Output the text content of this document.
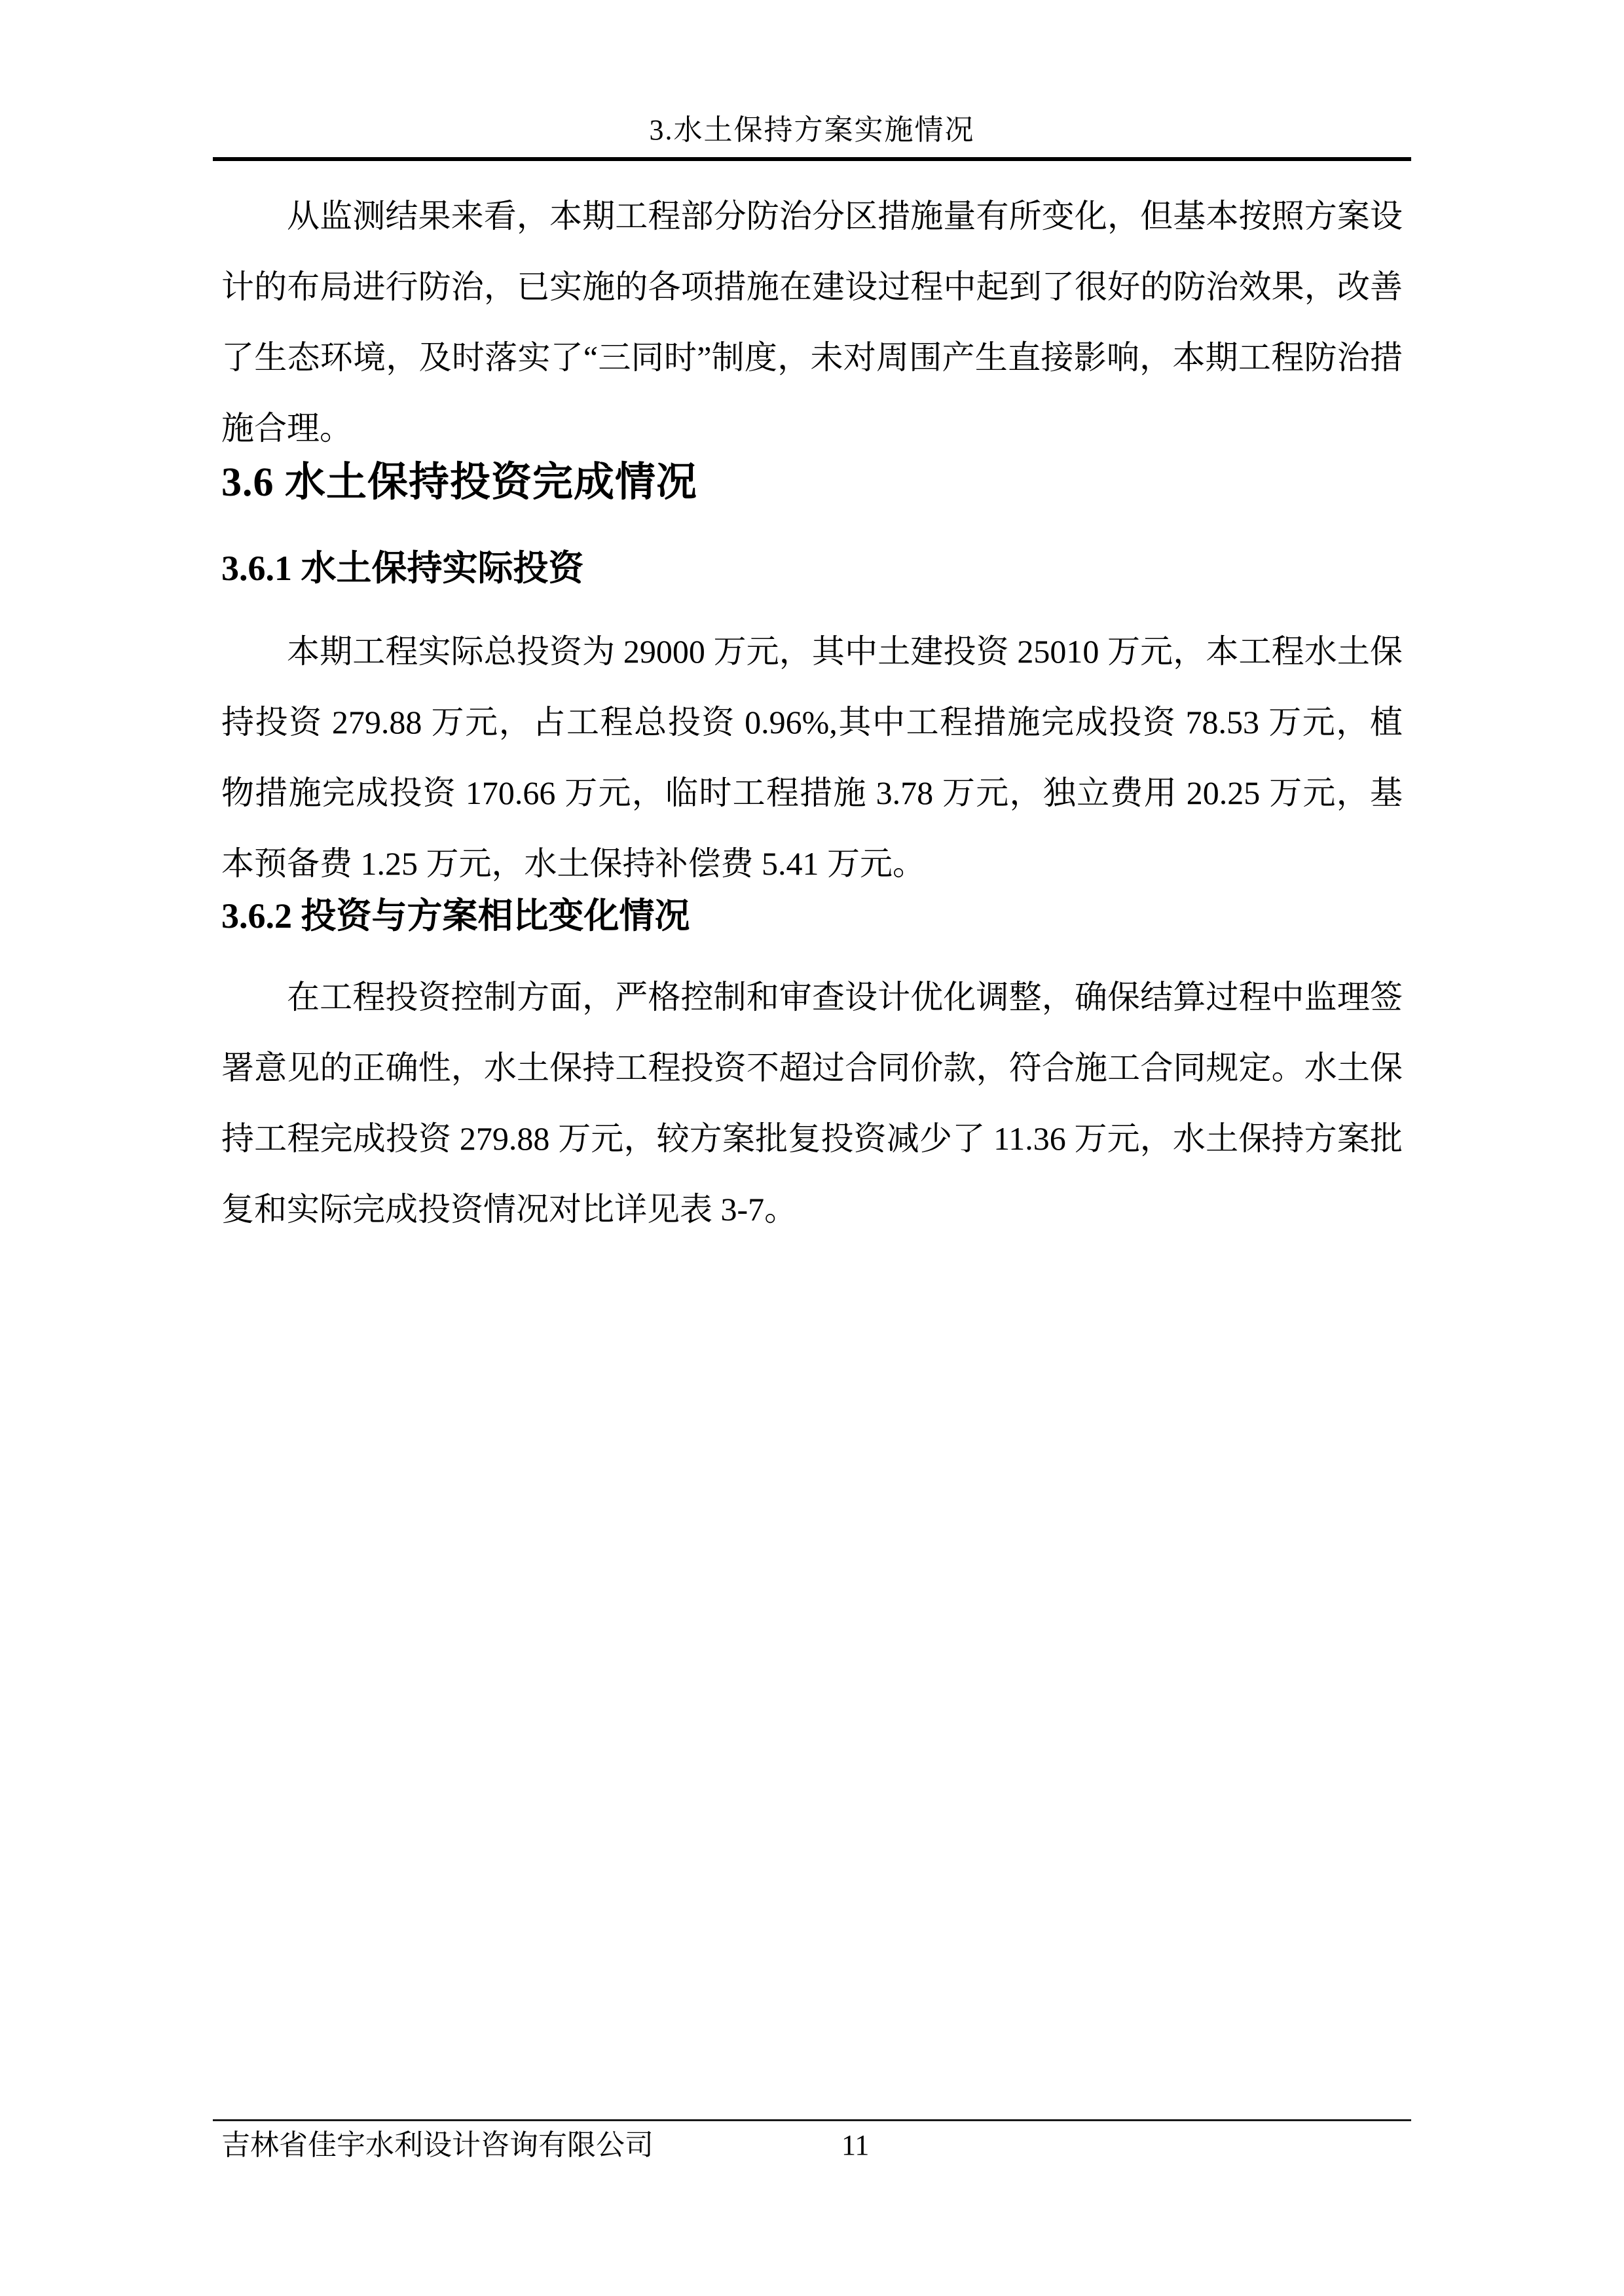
3.水土保持方案实施情况

从监测结果来看，本期工程部分防治分区措施量有所变化，但基本按照方案设计的布局进行防治，已实施的各项措施在建设过程中起到了很好的防治效果，改善了生态环境，及时落实了“三同时”制度，未对周围产生直接影响，本期工程防治措施合理。

3.6 水土保持投资完成情况
3.6.1 水土保持实际投资

本期工程实际总投资为 29000 万元，其中土建投资 25010 万元，本工程水土保持投资 279.88 万元，占工程总投资 0.96%,其中工程措施完成投资 78.53 万元，植物措施完成投资 170.66 万元，临时工程措施 3.78 万元，独立费用 20.25 万元，基本预备费 1.25 万元，水土保持补偿费 5.41 万元。

3.6.2 投资与方案相比变化情况

在工程投资控制方面，严格控制和审查设计优化调整，确保结算过程中监理签署意见的正确性，水土保持工程投资不超过合同价款，符合施工合同规定。水土保持工程完成投资 279.88 万元，较方案批复投资减少了 11.36 万元，水土保持方案批复和实际完成投资情况对比详见表 3-7。

吉林省佳宇水利设计咨询有限公司	11
